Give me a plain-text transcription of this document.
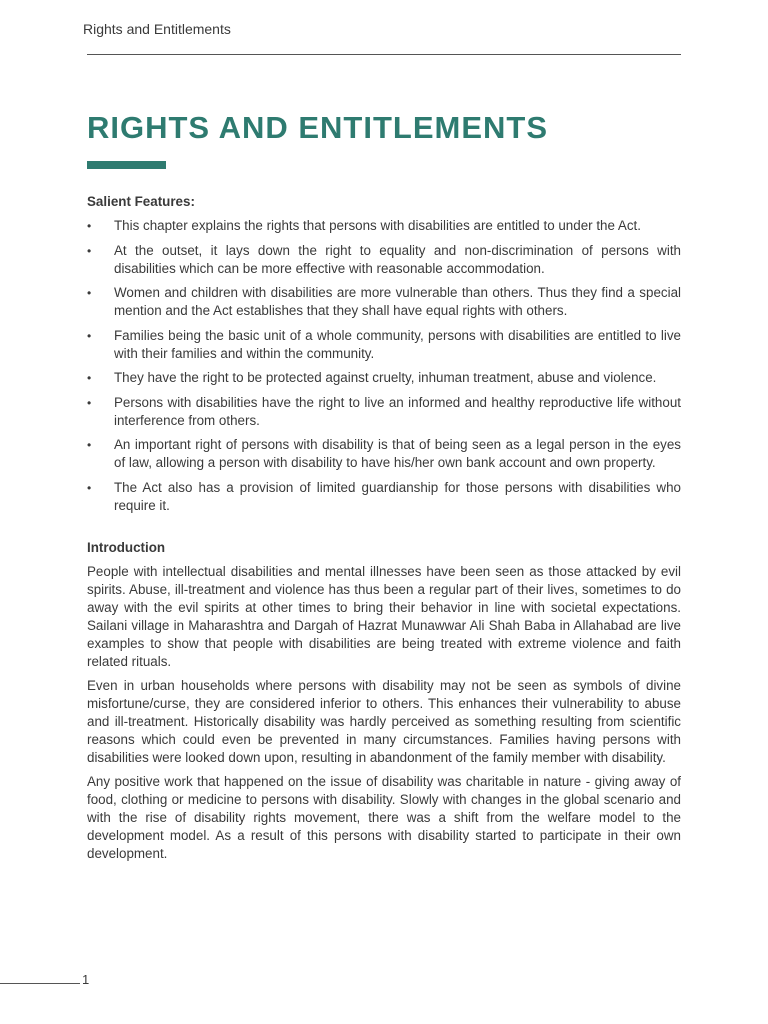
Rights and Entitlements
RIGHTS AND ENTITLEMENTS
Salient Features:
•	This chapter explains the rights that persons with disabilities are entitled to under the Act.
•	At the outset, it lays down the right to equality and non-discrimination of persons with disabilities which can be more effective with reasonable accommodation.
•	Women and children with disabilities are more vulnerable than others. Thus they find a special mention and the Act establishes that they shall have equal rights with others.
•	Families being the basic unit of a whole community, persons with disabilities are entitled to live with their families and within the community.
•	They have the right to be protected against cruelty, inhuman treatment, abuse and violence.
•	Persons with disabilities have the right to live an informed and healthy reproductive life without interference from others.
•	An important right of persons with disability is that of being seen as a legal person in the eyes of law, allowing a person with disability to have his/her own bank account and own property.
•	The Act also has a provision of limited guardianship for those persons with disabilities who require it.
Introduction

People with intellectual disabilities and mental illnesses have been seen as those attacked by evil spirits. Abuse, ill-treatment and violence has thus been a regular part of their lives, sometimes to do away with the evil spirits at other times to bring their behavior in line with societal expectations. Sailani village in Maharashtra and Dargah of Hazrat Munawwar Ali Shah Baba in Allahabad are live examples to show that people with disabilities are being treated with extreme violence and faith related rituals.

Even in urban households where persons with disability may not be seen as symbols of divine misfortune/curse, they are considered inferior to others. This enhances their vulnerability to abuse and ill-treatment. Historically disability was hardly perceived as something resulting from scientific reasons which could even be prevented in many circumstances. Families having persons with disabilities were looked down upon, resulting in abandonment of the family member with disability.

Any positive work that happened on the issue of disability was charitable in nature - giving away of food, clothing or medicine to persons with disability. Slowly with changes in the global scenario and with the rise of disability rights movement, there was a shift from the welfare model to the development model. As a result of this persons with disability started to participate in their own development.

1
